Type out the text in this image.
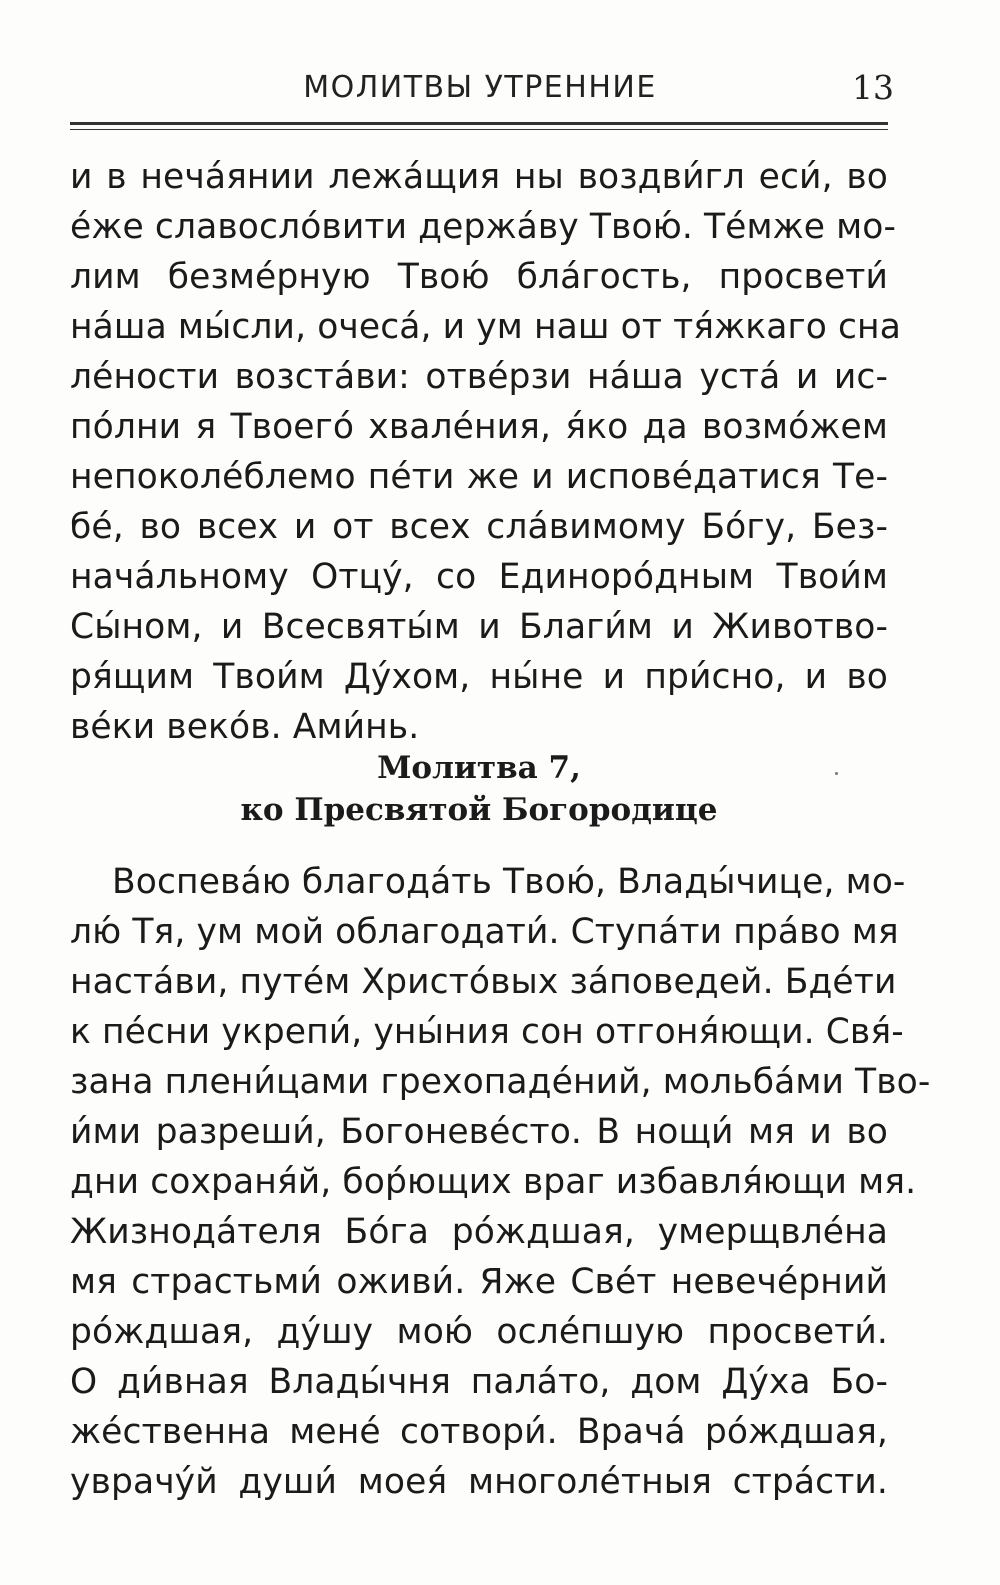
МОЛИТВЫ УТРЕННИЕ	13
и в неча́янии лежа́щия ны воздви́гл еси́, во
е́же славосло́вити держа́ву Твою́. Те́мже мо-
лим безме́рную Твою́ бла́гость, просвети́
на́ша мы́сли, очеса́, и ум наш от тя́жкаго сна
ле́ности возста́ви: отве́рзи на́ша уста́ и ис-
по́лни я Твоего́ хвале́ния, я́ко да возмо́жем
непоколе́блемо пе́ти же и испове́датися Те-
бе́, во всех и от всех сла́вимому Бо́гу, Без-
нача́льному Отцу́, со Единоро́дным Твои́м
Сы́ном, и Всесвяты́м и Благи́м и Животво-
ря́щим Твои́м Ду́хом, ны́не и при́сно, и во
ве́ки веко́в. Ами́нь.
Молитва 7,
ко Пресвятой Богородице
Воспева́ю благода́ть Твою́, Влады́чице, мо-
лю́ Тя, ум мой облагодати́. Ступа́ти пра́во мя
наста́ви, путе́м Христо́вых за́поведей. Бде́ти
к пе́сни укрепи́, уны́ния сон отгоня́ющи. Свя́-
зана плени́цами грехопаде́ний, мольба́ми Тво-
и́ми разреши́, Богоневе́сто. В нощи́ мя и во
дни сохраня́й, бор́ющих враг избавля́ющи мя.
Жизнода́теля Бо́га ро́ждшая, умерщвле́на
мя страстьми́ оживи́. Яже Све́т невече́рний
ро́ждшая, ду́шу мою́ осле́пшую просвети́.
О ди́вная Влады́чня пала́то, дом Ду́ха Бо-
же́ственна мене́ сотвори́. Врача́ ро́ждшая,
уврачу́й души́ моея́ многоле́тныя стра́сти.
